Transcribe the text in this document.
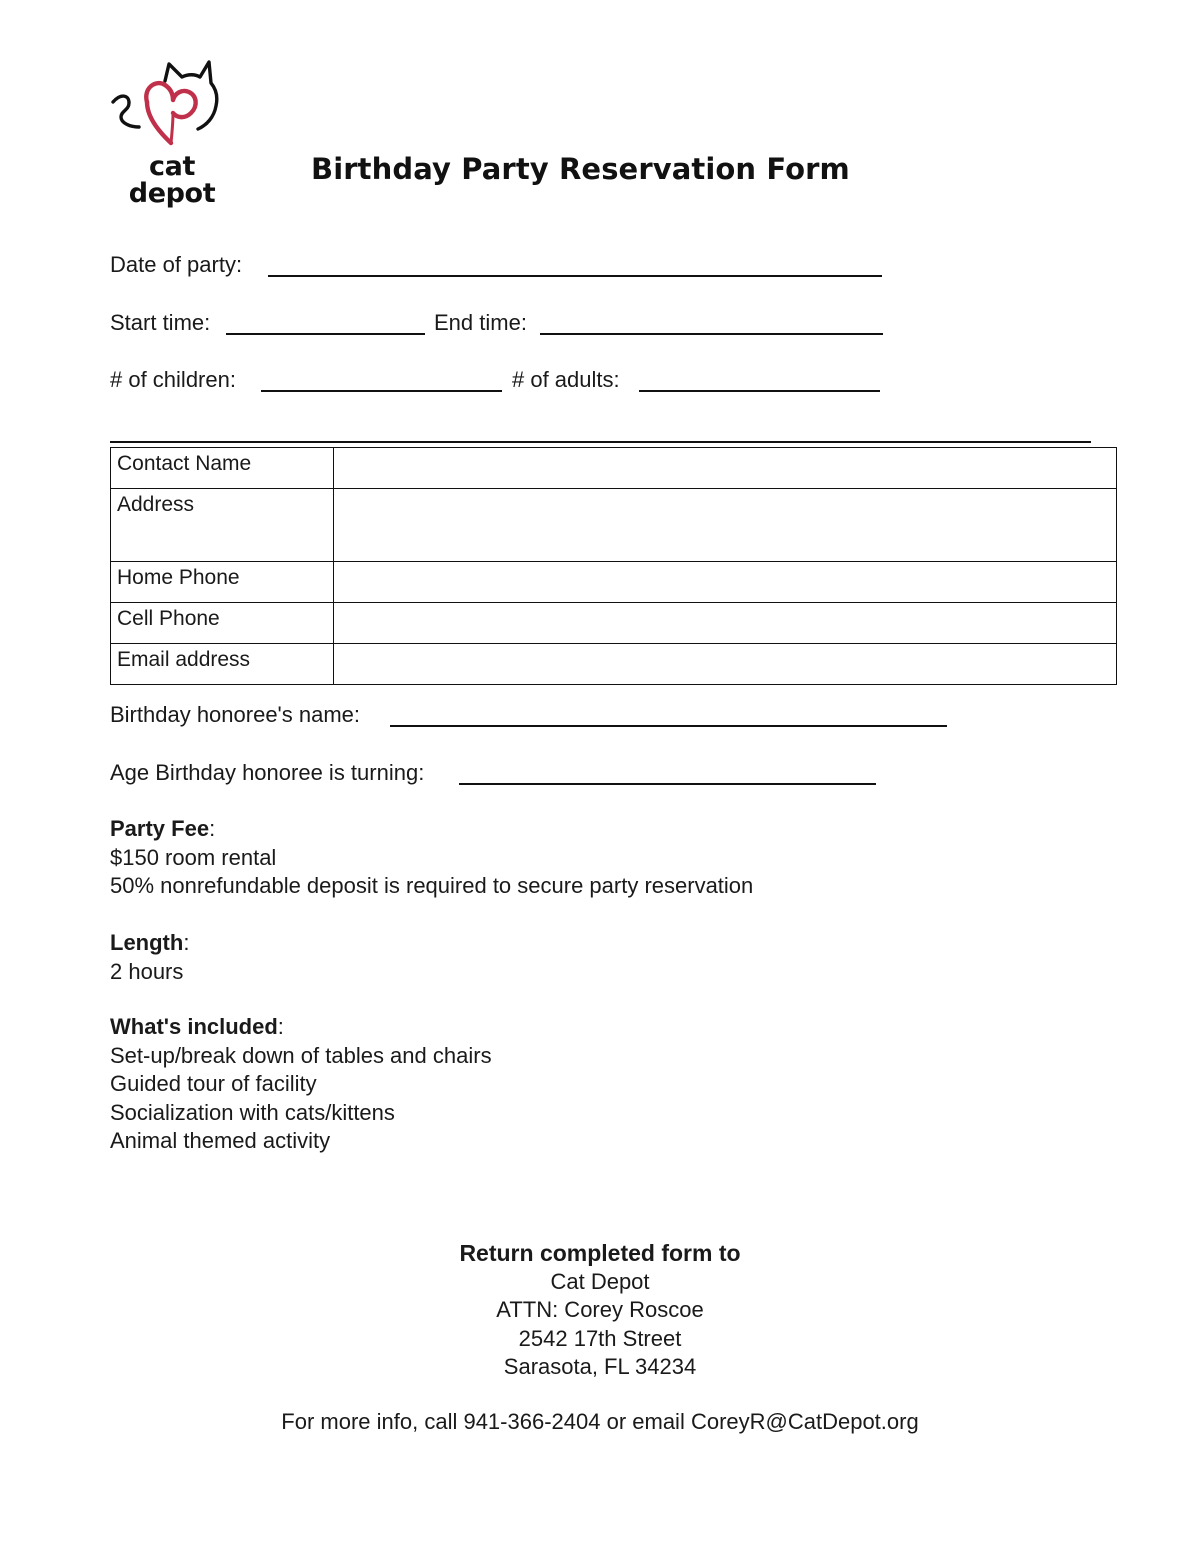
cat depot
Birthday Party Reservation Form
Date of party:
Start time:	End time:
# of children:	# of adults:
Contact Name	
Address	
Home Phone	
Cell Phone	
Email address	
Birthday honoree's name:
Age Birthday honoree is turning:
Party Fee:
$150 room rental
50% nonrefundable deposit is required to secure party reservation
Length:
2 hours
What's included:
Set-up/break down of tables and chairs
Guided tour of facility
Socialization with cats/kittens
Animal themed activity
Return completed form to
Cat Depot
ATTN: Corey Roscoe
2542 17th Street
Sarasota, FL 34234
For more info, call 941-366-2404 or email CoreyR@CatDepot.org
